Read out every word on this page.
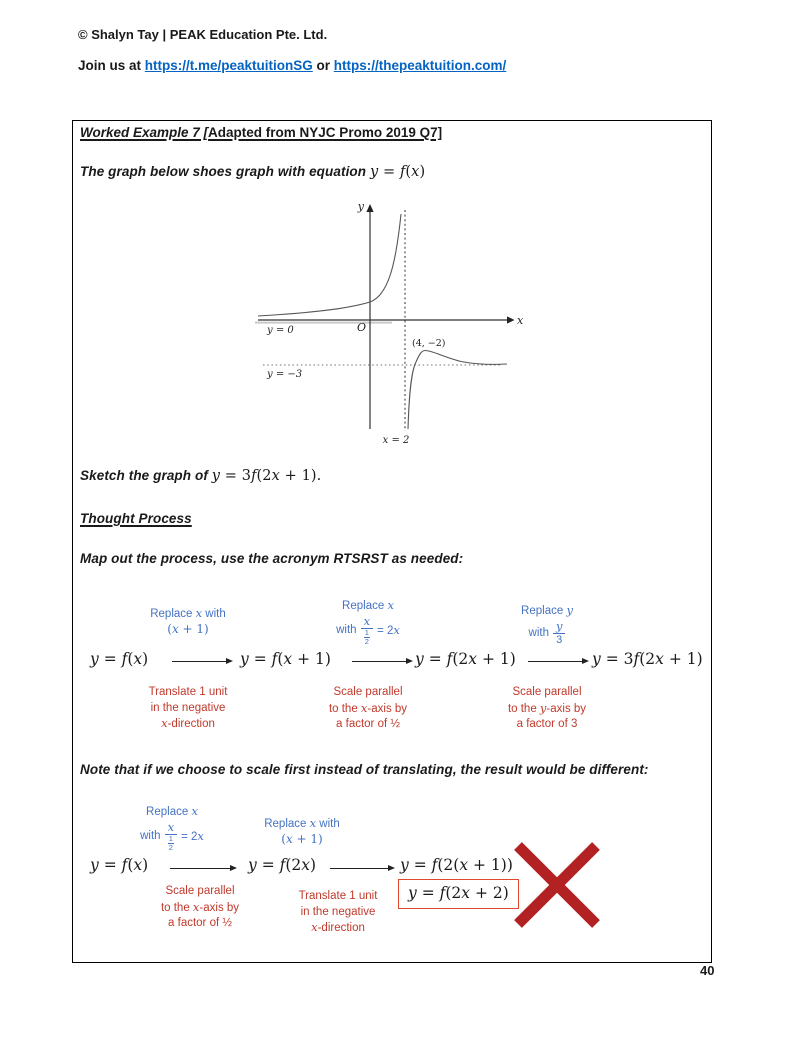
© Shalyn Tay | PEAK Education Pte. Ltd.
Join us at https://t.me/peaktuitionSG or https://thepeaktuition.com/
Worked Example 7 [Adapted from NYJC Promo 2019 Q7]
The graph below shoes graph with equation y = f(x)
y
x
O
y = 0
y = −3
x = 2
(4, −2)
Sketch the graph of y = 3f(2x + 1).
Thought Process
Map out the process, use the acronym RTSRST as needed:
Replace x with
(x + 1)
Replace x
with $\frac{x}{\frac{1}{2}} = 2x$
Replace y
with $\frac{y}{3}$
y = f(x)	y = f(x + 1)	y = f(2x + 1)	y = 3f(2x + 1)
Translate 1 unit
in the negative
x-direction
Scale parallel
to the x-axis by
a factor of ½
Scale parallel
to the y-axis by
a factor of 3
Note that if we choose to scale first instead of translating, the result would be different:
Replace x
with $\frac{x}{\frac{1}{2}} = 2x$
Replace x with
(x + 1)
y = f(x)	y = f(2x)	y = f(2(x + 1))
Scale parallel
to the x-axis by
a factor of ½
Translate 1 unit
in the negative
x-direction
y = f(2x + 2)
40
